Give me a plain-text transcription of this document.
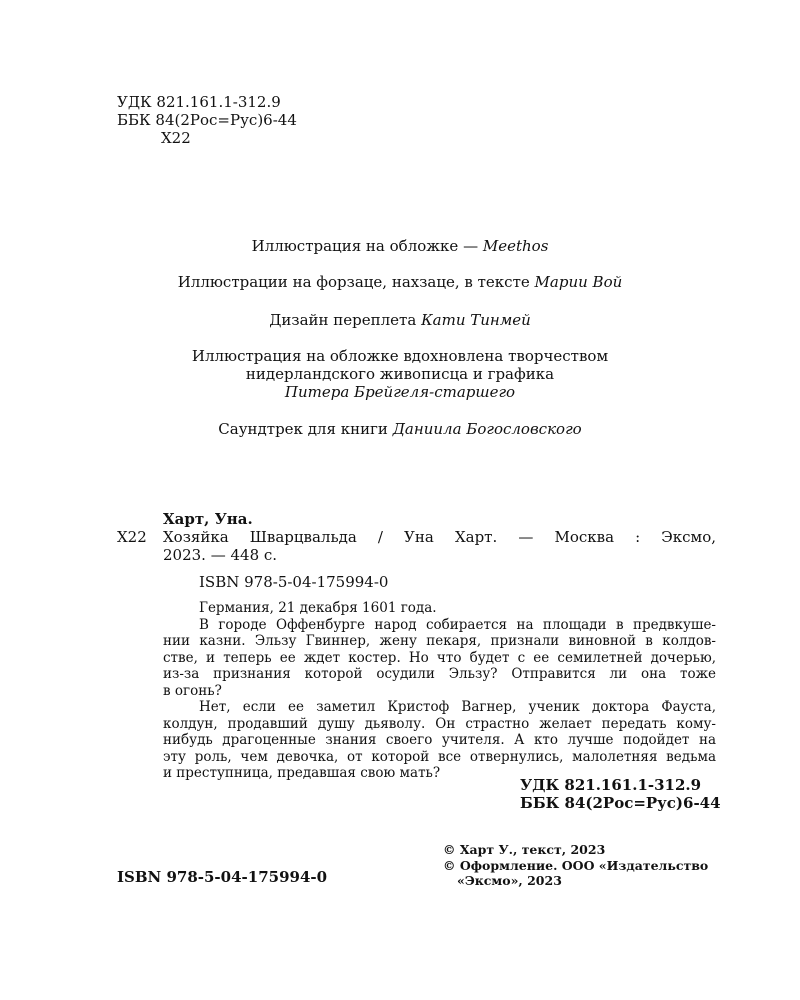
УДК 821.161.1-312.9
ББК 84(2Рос=Рус)6-44
Х22
Иллюстрация на обложке — Meethos
Иллюстрации на форзаце, нахзаце, в тексте Марии Вой
Дизайн переплета Кати Тинмей
Иллюстрация на обложке вдохновлена творчеством
нидерландского живописца и графика
Питера Брейгеля-старшего
Саундтрек для книги Даниила Богословского
Харт, Уна.
Х22 Хозяйка Шварцвальда / Уна Харт. — Москва : Эксмо,
2023. — 448 с.
ISBN 978-5-04-175994-0
Германия, 21 декабря 1601 года.
В городе Оффенбурге народ собирается на площади в предвкуше-
нии казни. Эльзу Гвиннер, жену пекаря, признали виновной в колдов-
стве, и теперь ее ждет костер. Но что будет с ее семилетней дочерью,
из-за признания которой осудили Эльзу? Отправится ли она тоже
в огонь?
Нет, если ее заметил Кристоф Вагнер, ученик доктора Фауста,
колдун, продавший душу дьяволу. Он страстно желает передать кому-
нибудь драгоценные знания своего учителя. А кто лучше подойдет на
эту роль, чем девочка, от которой все отвернулись, малолетняя ведьма
и преступница, предавшая свою мать?
УДК 821.161.1-312.9
ББК 84(2Рос=Рус)6-44
ISBN 978-5-04-175994-0
© Харт У., текст, 2023
© Оформление. ООО «Издательство
«Эксмо», 2023
